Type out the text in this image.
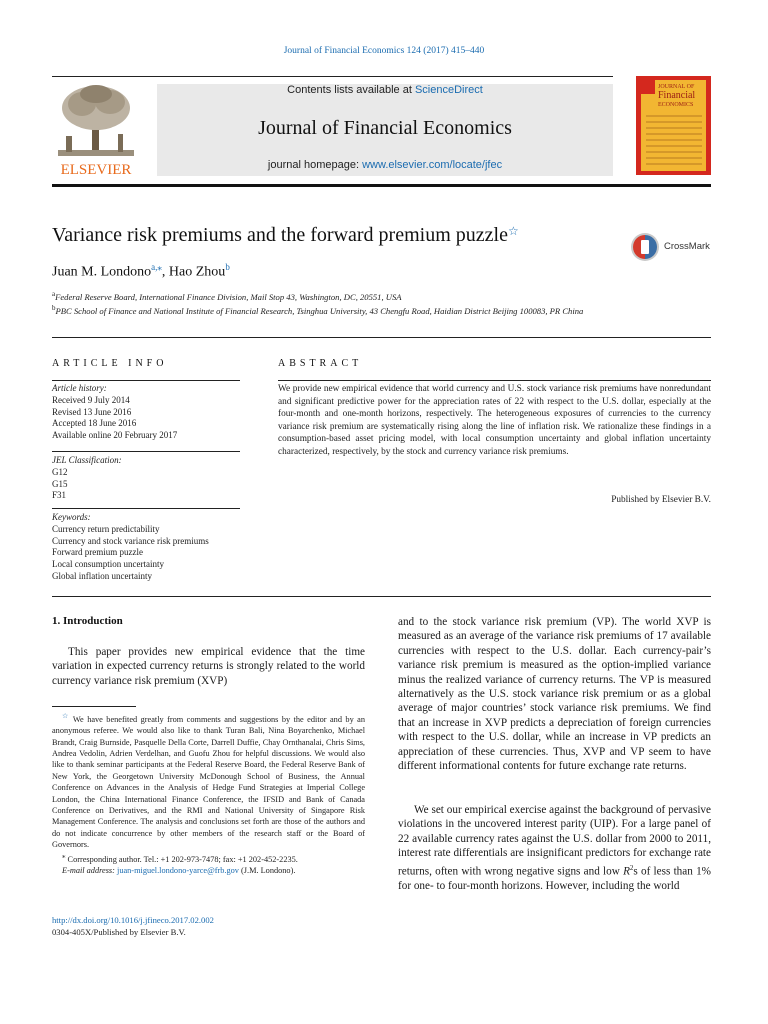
Journal of Financial Economics 124 (2017) 415–440
ELSEVIER
Contents lists available at ScienceDirect
Journal of Financial Economics
journal homepage: www.elsevier.com/locate/jfec
JOURNAL OF
Financial
ECONOMICS
Variance risk premiums and the forward premium puzzle☆
CrossMark
Juan M. Londono$^{a,⁎}$, Hao Zhou$^b$
$^a$Federal Reserve Board, International Finance Division, Mail Stop 43, Washington, DC, 20551, USA
$^b$PBC School of Finance and National Institute of Financial Research, Tsinghua University, 43 Chengfu Road, Haidian District Beijing 100083, PR China
ARTICLE INFO	ABSTRACT
Article history:
Received 9 July 2014
Revised 13 June 2016
Accepted 18 June 2016
Available online 20 February 2017
JEL Classification:
G12
G15
F31
Keywords:
Currency return predictability
Currency and stock variance risk premiums
Forward premium puzzle
Local consumption uncertainty
Global inflation uncertainty
We provide new empirical evidence that world currency and U.S. stock variance risk premiums have nonredundant and significant predictive power for the appreciation rates of 22 with respect to the U.S. dollar, especially at the four-month and one-month horizons, respectively. The heterogeneous exposures of currencies to the currency variance risk premium are systematically rising along the line of inflation risk. We rationalize these findings in a consumption-based asset pricing model, with local consumption uncertainty and global inflation uncertainty characterized, respectively, by the stock and currency variance risk premiums.
Published by Elsevier B.V.
1. Introduction
This paper provides new empirical evidence that the time variation in expected currency returns is strongly related to the world currency variance risk premium (XVP)

☆ We have benefited greatly from comments and suggestions by the editor and by an anonymous referee. We would also like to thank Turan Bali, Nina Boyarchenko, Michael Brandt, Craig Burnside, Pasquelle Della Corte, Darrell Duffie, Chay Ornthanalai, Chris Sims, Andrea Vedolin, Adrien Verdelhan, and Guofu Zhou for helpful discussions. We would also like to thank seminar participants at the Federal Reserve Board, the Federal Reserve Bank of New York, the Georgetown University McDonough School of Business, the Annual Conference on Advances in the Analysis of Hedge Fund Strategies at Imperial College London, the China International Finance Conference, the IFSID and Bank of Canada Conference on Derivatives, and the RMI and National University of Singapore Risk Management Conference. The analysis and conclusions set forth are those of the authors and do not indicate concurrence by other members of the research staff or the Board of Governors.

⁎ Corresponding author. Tel.: +1 202-973-7478; fax: +1 202-452-2235.

E-mail address: juan-miguel.londono-yarce@frb.gov (J.M. Londono).

http://dx.doi.org/10.1016/j.jfineco.2017.02.002
0304-405X/Published by Elsevier B.V.
and to the stock variance risk premium (VP). The world XVP is measured as an average of the variance risk premiums of 17 available currencies with respect to the U.S. dollar. Each currency-pair’s variance risk premium is measured as the option-implied variance minus the realized variance of currency returns. The VP is measured alternatively as the U.S. stock variance risk premium or as a global average of major countries’ stock variance risk premiums. We find that an increase in XVP predicts a depreciation of foreign currencies with respect to the U.S. dollar, while an increase in VP predicts an appreciation of these currencies. Thus, XVP and VP seem to have different informational contents for future exchange rate returns.
We set our empirical exercise against the background of pervasive violations in the uncovered interest parity (UIP). For a large panel of 22 available currency rates against the U.S. dollar from 2000 to 2011, interest rate differentials are insignificant predictors for exchange rate returns, often with wrong negative signs and low $R^2s$ of less than 1% for one- to four-month horizons. However, including the world
